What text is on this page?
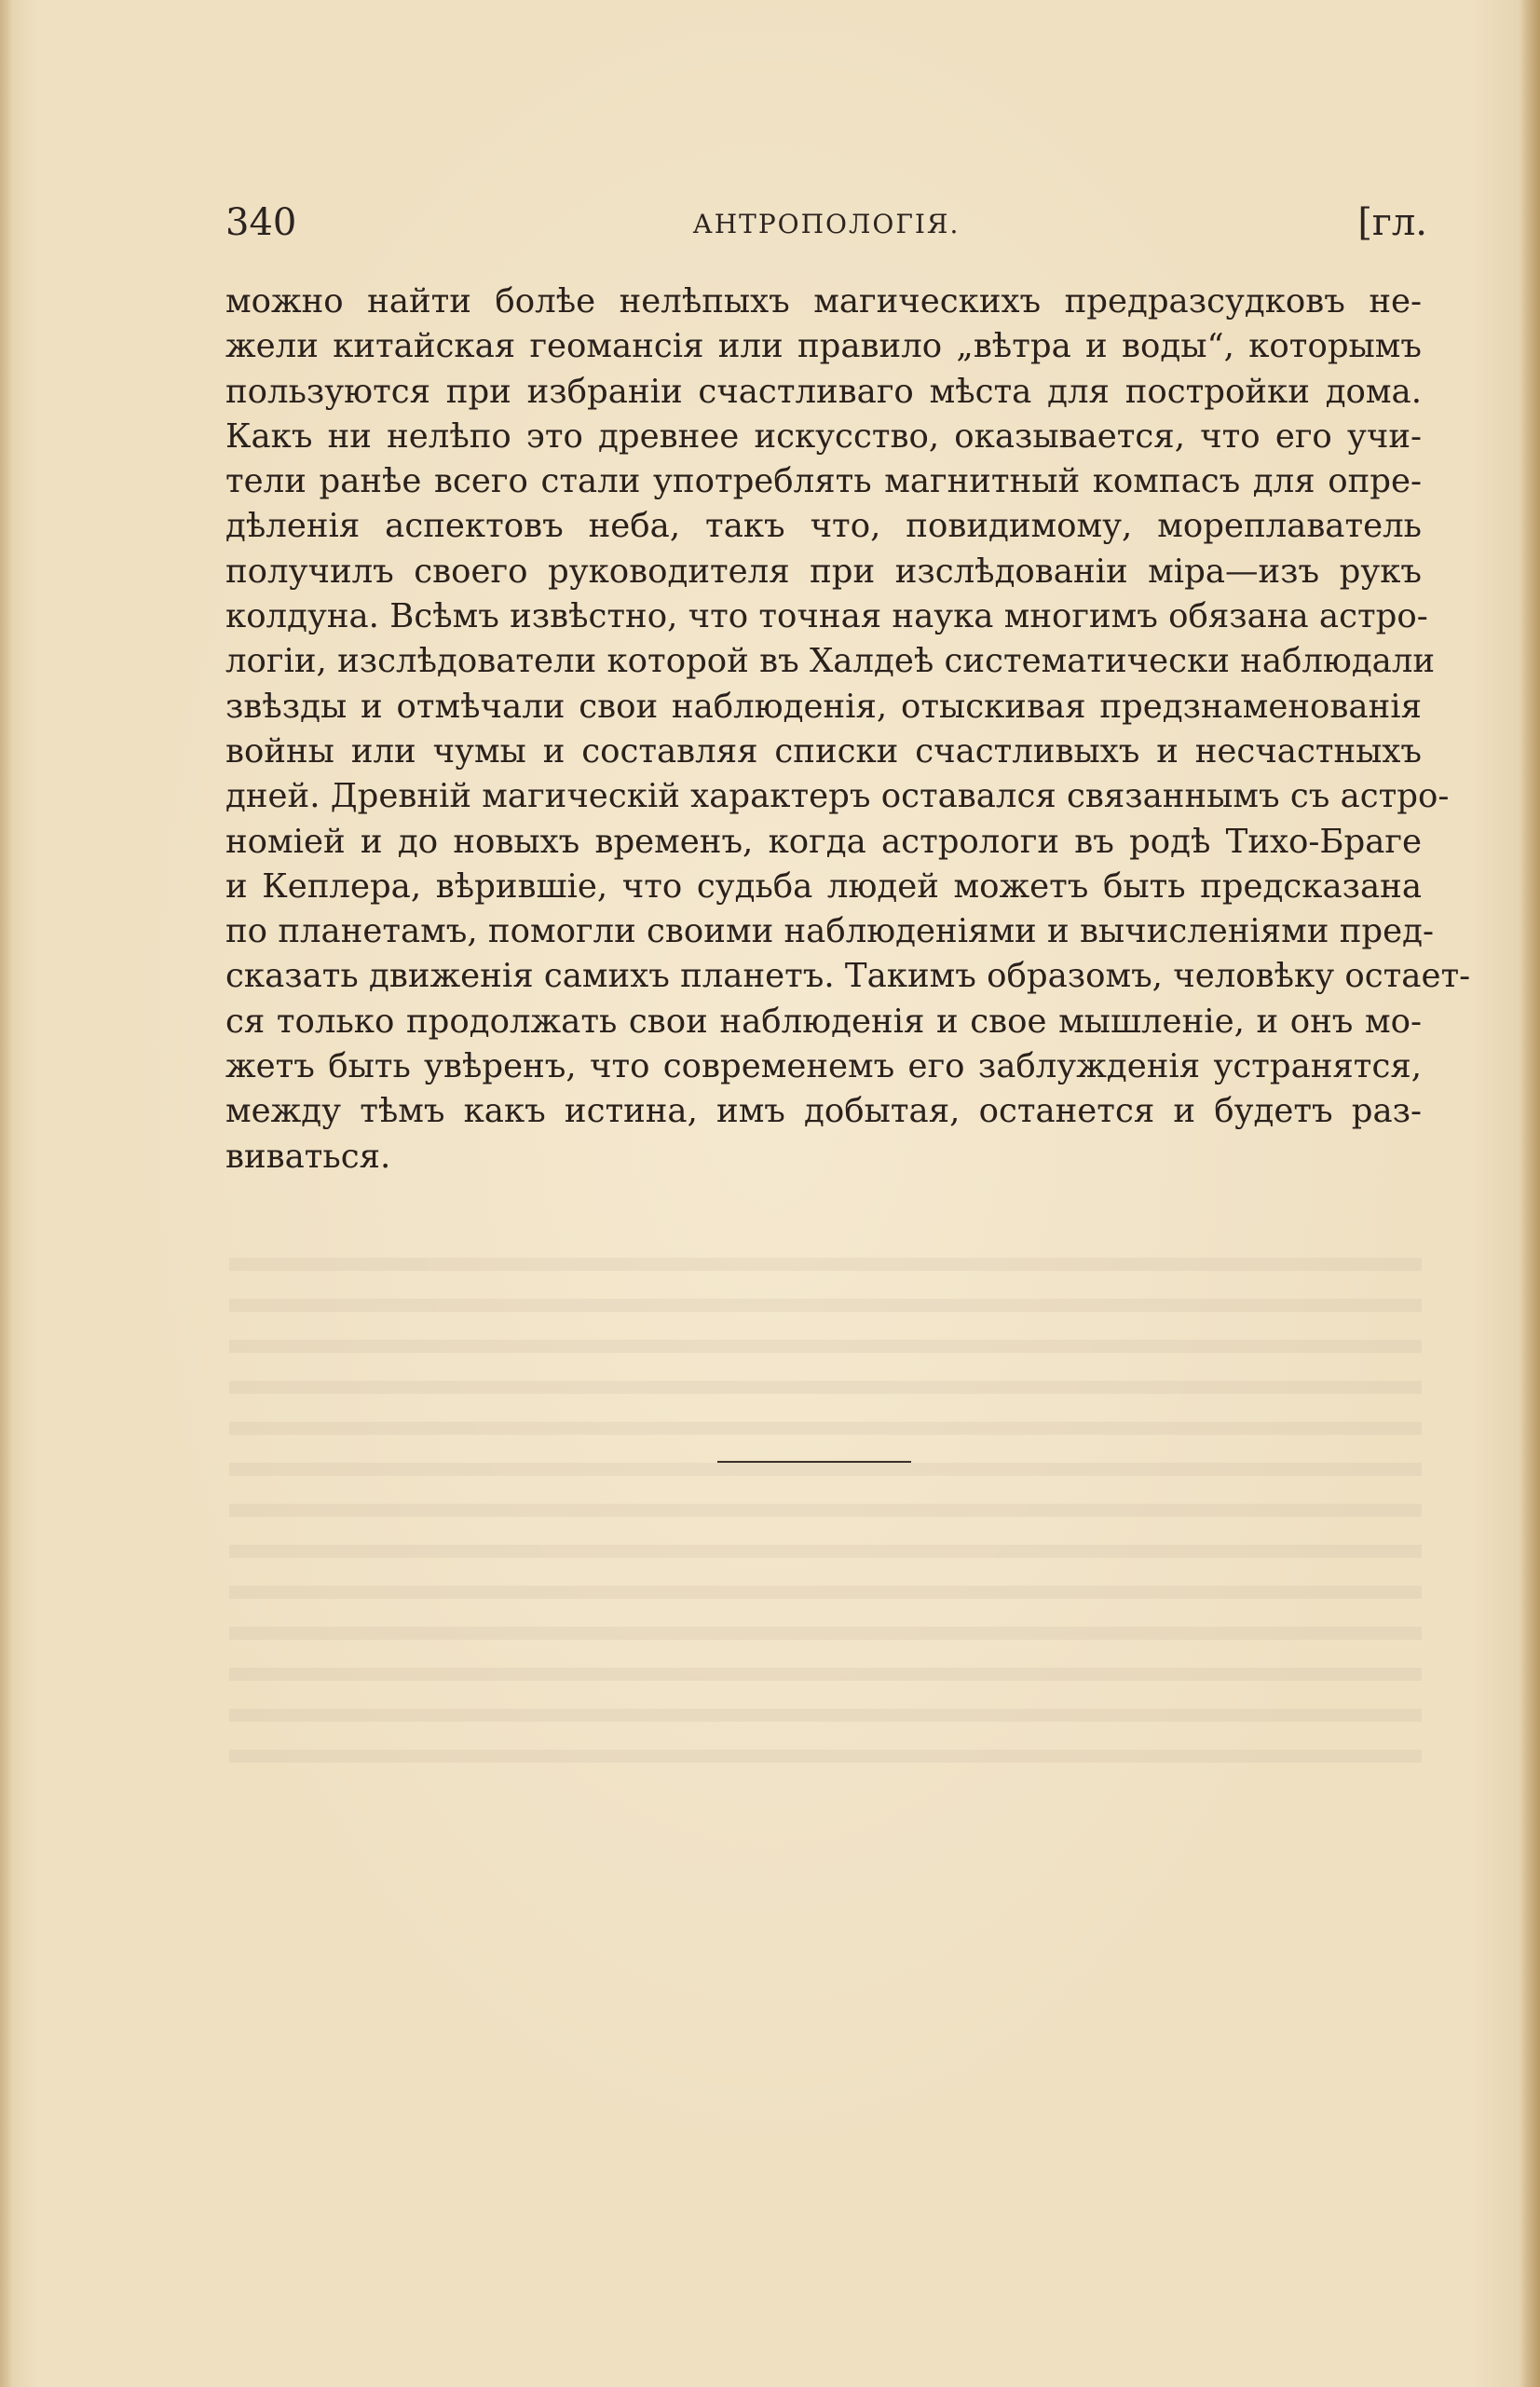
340	АНТРОПОЛОГІЯ.	[гл.
можно найти болѣе нелѣпыхъ магическихъ предразсудковъ не-
жели китайская геомансія или правило „вѣтра и воды“, которымъ
пользуются при избраніи счастливаго мѣста для постройки дома.
Какъ ни нелѣпо это древнее искусство, оказывается, что его учи-
тели ранѣе всего стали употреблять магнитный компасъ для опре-
дѣленія аспектовъ неба, такъ что, повидимому, мореплаватель
получилъ своего руководителя при изслѣдованіи міра—изъ рукъ
колдуна. Всѣмъ извѣстно, что точная наука многимъ обязана астро-
логіи, изслѣдователи которой въ Халдеѣ систематически наблюдали
звѣзды и отмѣчали свои наблюденія, отыскивая предзнаменованія
войны или чумы и составляя списки счастливыхъ и несчастныхъ
дней. Древній магическій характеръ оставался связаннымъ съ астро-
номіей и до новыхъ временъ, когда астрологи въ родѣ Тихо-Браге
и Кеплера, вѣрившіе, что судьба людей можетъ быть предсказана
по планетамъ, помогли своими наблюденіями и вычисленіями пред-
сказать движенія самихъ планетъ. Такимъ образомъ, человѣку остает-
ся только продолжать свои наблюденія и свое мышленіе, и онъ мо-
жетъ быть увѣренъ, что современемъ его заблужденія устранятся,
между тѣмъ какъ истина, имъ добытая, останется и будетъ раз-
виваться.
